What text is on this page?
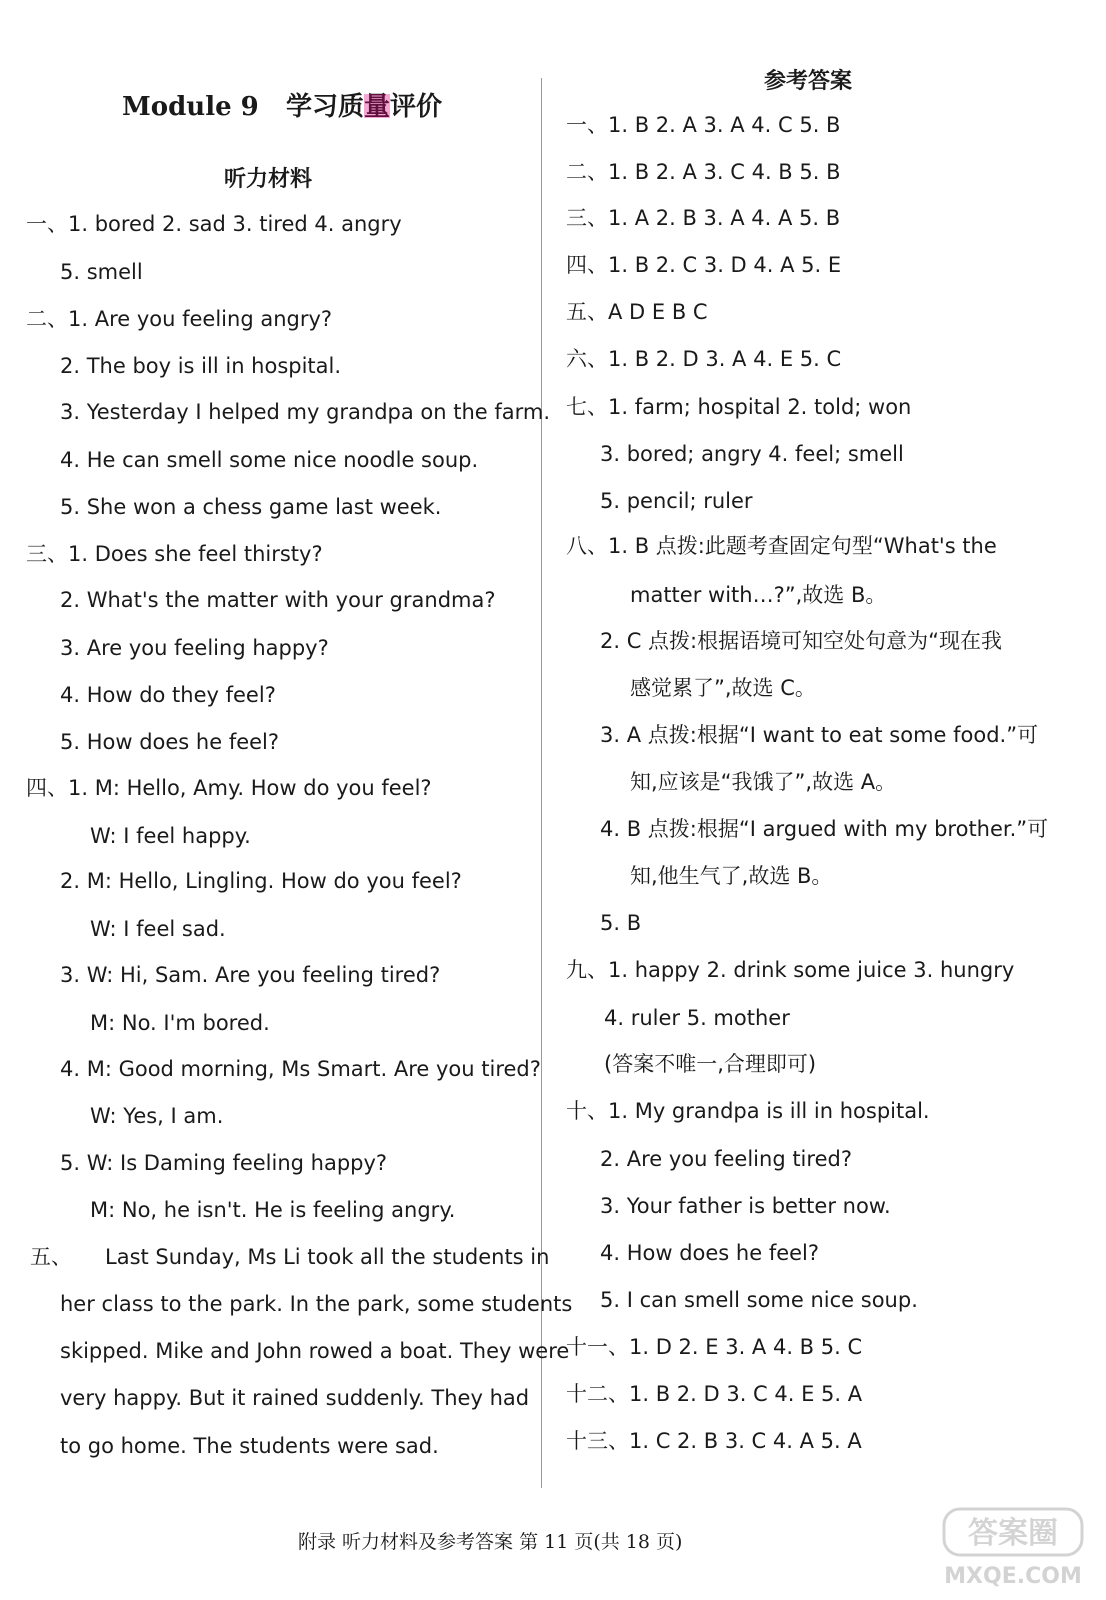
Module 9 学习质量评价
听力材料
参考答案
一、1. bored 2. sad 3. tired 4. angry
5. smell
二、1. Are you feeling angry?
2. The boy is ill in hospital.
3. Yesterday I helped my grandpa on the farm.
4. He can smell some nice noodle soup.
5. She won a chess game last week.
三、1. Does she feel thirsty?
2. What's the matter with your grandma?
3. Are you feeling happy?
4. How do they feel?
5. How does he feel?
四、1. M: Hello, Amy. How do you feel?
W: I feel happy.
2. M: Hello, Lingling. How do you feel?
W: I feel sad.
3. W: Hi, Sam. Are you feeling tired?
M: No. I'm bored.
4. M: Good morning, Ms Smart. Are you tired?
W: Yes, I am.
5. W: Is Daming feeling happy?
M: No, he isn't. He is feeling angry.
五、 Last Sunday, Ms Li took all the students in
her class to the park. In the park, some students
skipped. Mike and John rowed a boat. They were
very happy. But it rained suddenly. They had
to go home. The students were sad.
一、1. B 2. A 3. A 4. C 5. B
二、1. B 2. A 3. C 4. B 5. B
三、1. A 2. B 3. A 4. A 5. B
四、1. B 2. C 3. D 4. A 5. E
五、A D E B C
六、1. B 2. D 3. A 4. E 5. C
七、1. farm; hospital 2. told; won
3. bored; angry 4. feel; smell
5. pencil; ruler
八、1. B 点拨:此题考查固定句型“What's the
matter with…?”,故选 B。
2. C 点拨:根据语境可知空处句意为“现在我
感觉累了”,故选 C。
3. A 点拨:根据“I want to eat some food.”可
知,应该是“我饿了”,故选 A。
4. B 点拨:根据“I argued with my brother.”可
知,他生气了,故选 B。
5. B
九、1. happy 2. drink some juice 3. hungry
4. ruler 5. mother
(答案不唯一,合理即可)
十、1. My grandpa is ill in hospital.
2. Are you feeling tired?
3. Your father is better now.
4. How does he feel?
5. I can smell some nice soup.
十一、1. D 2. E 3. A 4. B 5. C
十二、1. B 2. D 3. C 4. E 5. A
十三、1. C 2. B 3. C 4. A 5. A
附录 听力材料及参考答案 第 11 页(共 18 页)	答案圈
MXQE.COM
